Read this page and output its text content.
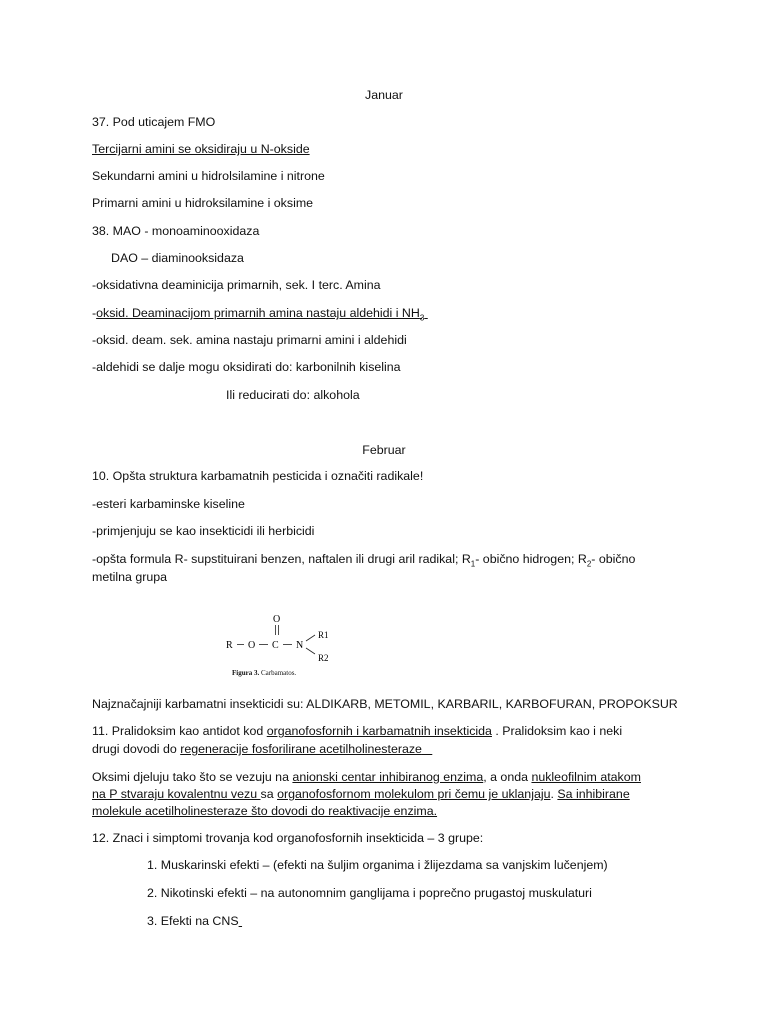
Januar
37. Pod uticajem FMO
Tercijarni amini se oksidiraju u N-okside
Sekundarni amini u hidrolsilamine i nitrone
Primarni amini u hidroksilamine i oksime
38. MAO - monoaminooxidaza
DAO – diaminooksidaza
-oksidativna deaminicija primarnih, sek. I terc. Amina
-oksid. Deaminacijom primarnih amina nastaju aldehidi i $NH_3$
-oksid. deam. sek. amina nastaju primarni amini i aldehidi
-aldehidi se dalje mogu oksidirati do: karbonilnih kiselina
Ili reducirati do: alkohola
Februar
10. Opšta struktura karbamatnih pesticida i označiti radikale!
-esteri karbaminske kiseline
-primjenjuju se kao insekticidi ili herbicidi
-opšta formula R- supstituirani benzen, naftalen ili drugi aril radikal; $R_1-$ obično hidrogen; $R_2-$ obično
metilna grupa
O
R O C N
R1
R2
Figura 3. Carbamatos.
Najznačajniji karbamatni insekticidi su: ALDIKARB, METOMIL, KARBARIL, KARBOFURAN, PROPOKSUR
11. Pralidoksim kao antidot kod organofosfornih i karbamatnih insekticida . Pralidoksim kao i neki
drugi dovodi do regeneracije fosforilirane acetilholinesteraze
Oksimi djeluju tako što se vezuju na anionski centar inhibiranog enzima, a onda nukleofilnim atakom
na P stvaraju kovalentnu vezu sa organofosfornom molekulom pri čemu je uklanjaju. Sa inhibirane
molekule acetilholinesteraze što dovodi do reaktivacije enzima.
12. Znaci i simptomi trovanja kod organofosfornih insekticida – 3 grupe:
1. Muskarinski efekti – (efekti na šuljim organima i žlijezdama sa vanjskim lučenjem)
2. Nikotinski efekti – na autonomnim ganglijama i poprečno prugastoj muskulaturi
3. Efekti na CNS
